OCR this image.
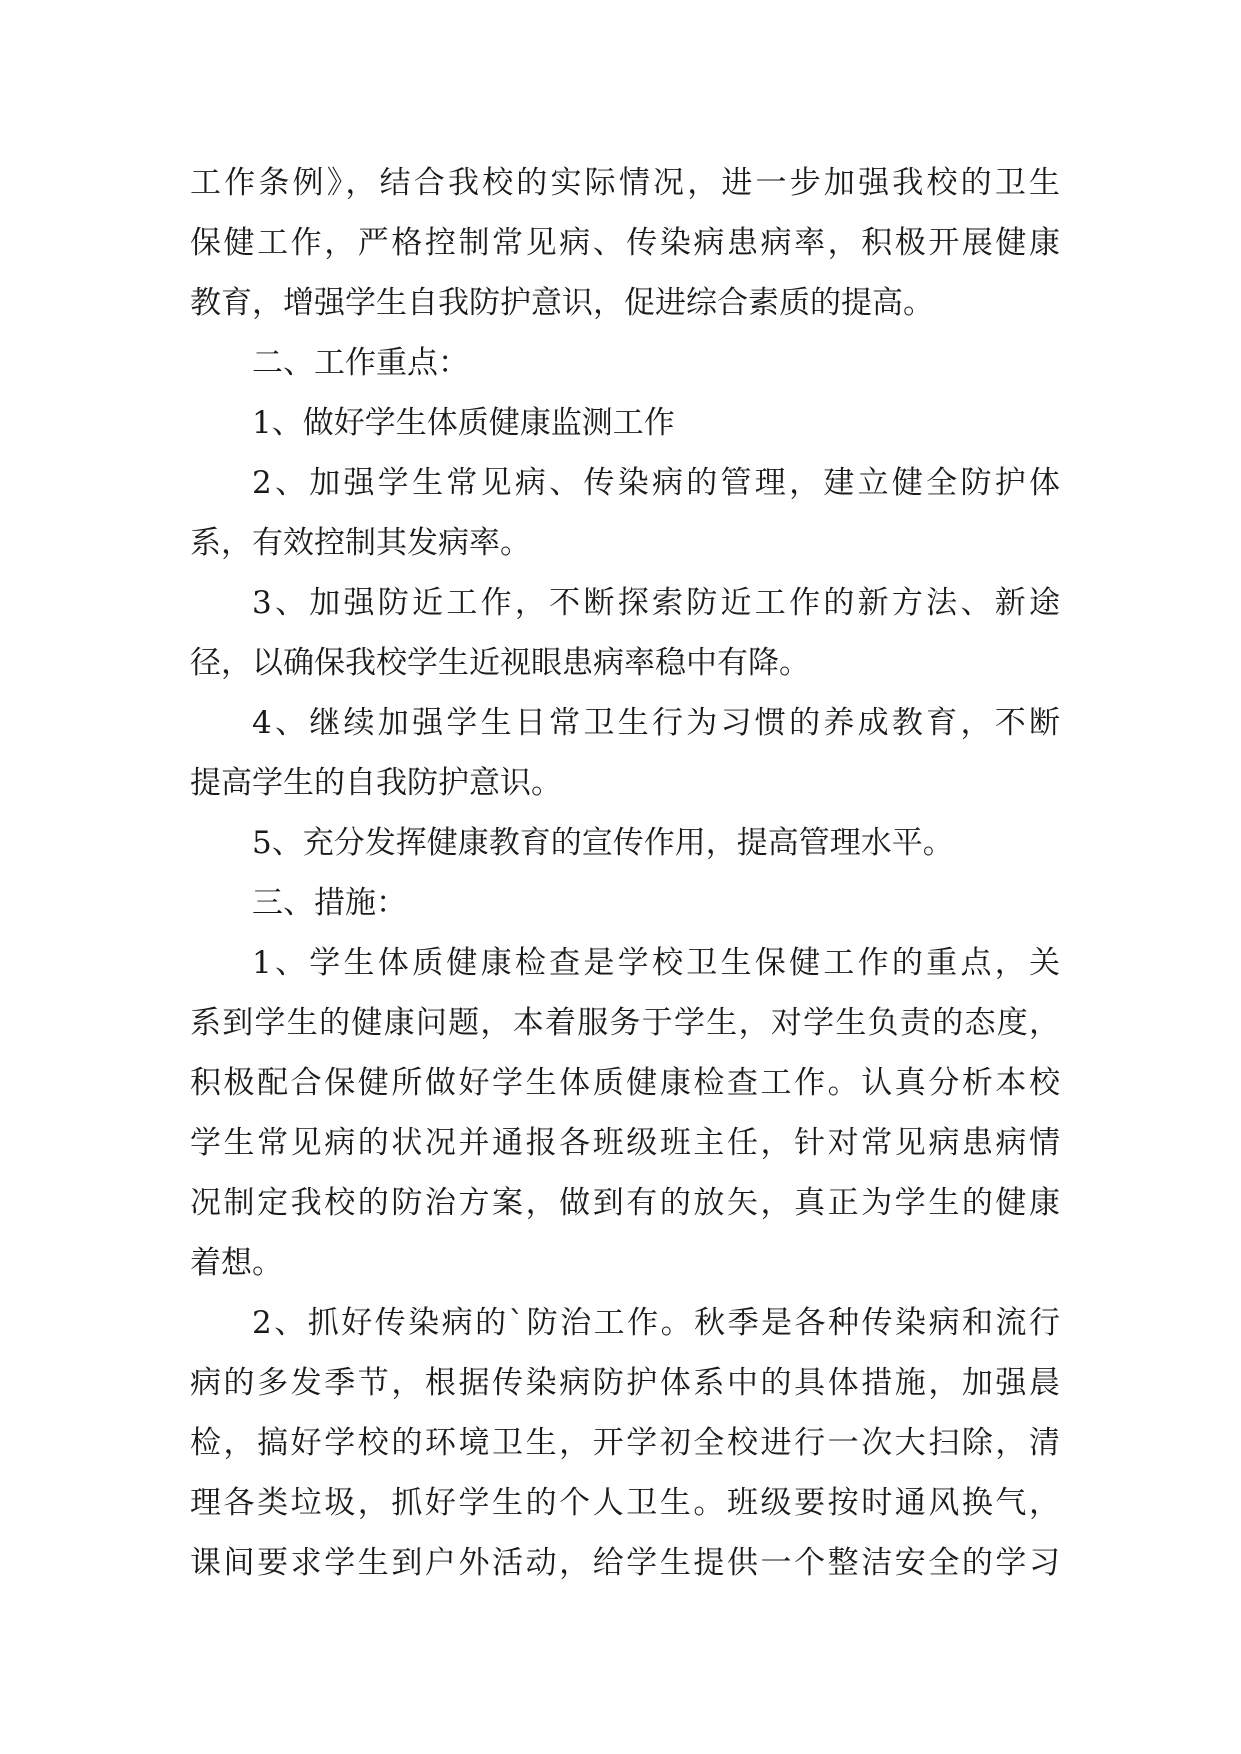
工作条例》，结合我校的实际情况，进一步加强我校的卫生
保健工作，严格控制常见病、传染病患病率，积极开展健康
教育，增强学生自我防护意识，促进综合素质的提高。
二、工作重点：
1、做好学生体质健康监测工作
2、加强学生常见病、传染病的管理，建立健全防护体
系，有效控制其发病率。
3、加强防近工作，不断探索防近工作的新方法、新途
径，以确保我校学生近视眼患病率稳中有降。
4、继续加强学生日常卫生行为习惯的养成教育，不断
提高学生的自我防护意识。
5、充分发挥健康教育的宣传作用，提高管理水平。
三、措施：
1、学生体质健康检查是学校卫生保健工作的重点，关
系到学生的健康问题，本着服务于学生，对学生负责的态度，
积极配合保健所做好学生体质健康检查工作。认真分析本校
学生常见病的状况并通报各班级班主任，针对常见病患病情
况制定我校的防治方案，做到有的放矢，真正为学生的健康
着想。
2、抓好传染病的`防治工作。秋季是各种传染病和流行
病的多发季节，根据传染病防护体系中的具体措施，加强晨
检，搞好学校的环境卫生，开学初全校进行一次大扫除，清
理各类垃圾，抓好学生的个人卫生。班级要按时通风换气，
课间要求学生到户外活动，给学生提供一个整洁安全的学习
